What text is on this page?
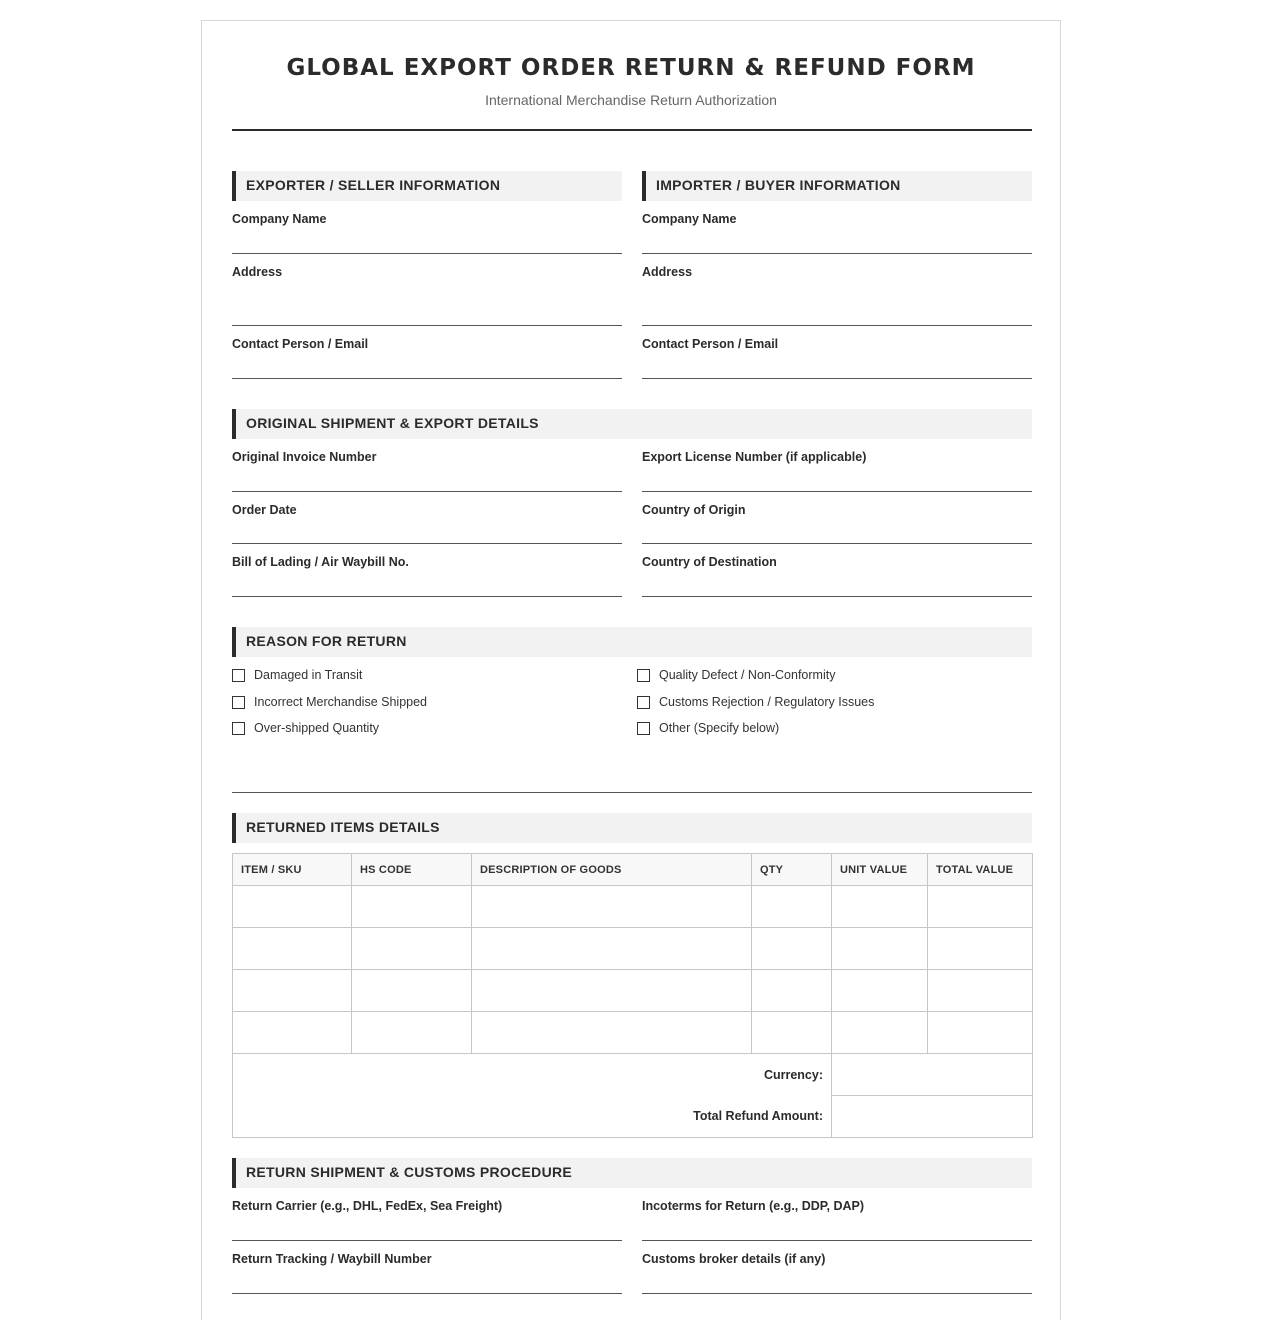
GLOBAL EXPORT ORDER RETURN & REFUND FORM
International Merchandise Return Authorization
EXPORTER / SELLER INFORMATION	IMPORTER / BUYER INFORMATION
Company Name
Address
Contact Person / Email
Company Name
Address
Contact Person / Email
ORIGINAL SHIPMENT & EXPORT DETAILS
Original Invoice Number	Export License Number (if applicable)
Order Date	Country of Origin
Bill of Lading / Air Waybill No.	Country of Destination
REASON FOR RETURN
Damaged in Transit
Incorrect Merchandise Shipped
Over-shipped Quantity
Quality Defect / Non-Conformity
Customs Rejection / Regulatory Issues
Other (Specify below)
RETURNED ITEMS DETAILS
ITEM / SKU	HS CODE	DESCRIPTION OF GOODS	QTY	UNIT VALUE	TOTAL VALUE

Currency:					
Total Refund Amount:					
RETURN SHIPMENT & CUSTOMS PROCEDURE
Return Carrier (e.g., DHL, FedEx, Sea Freight)	Incoterms for Return (e.g., DDP, DAP)
Return Tracking / Waybill Number	Customs broker details (if any)
